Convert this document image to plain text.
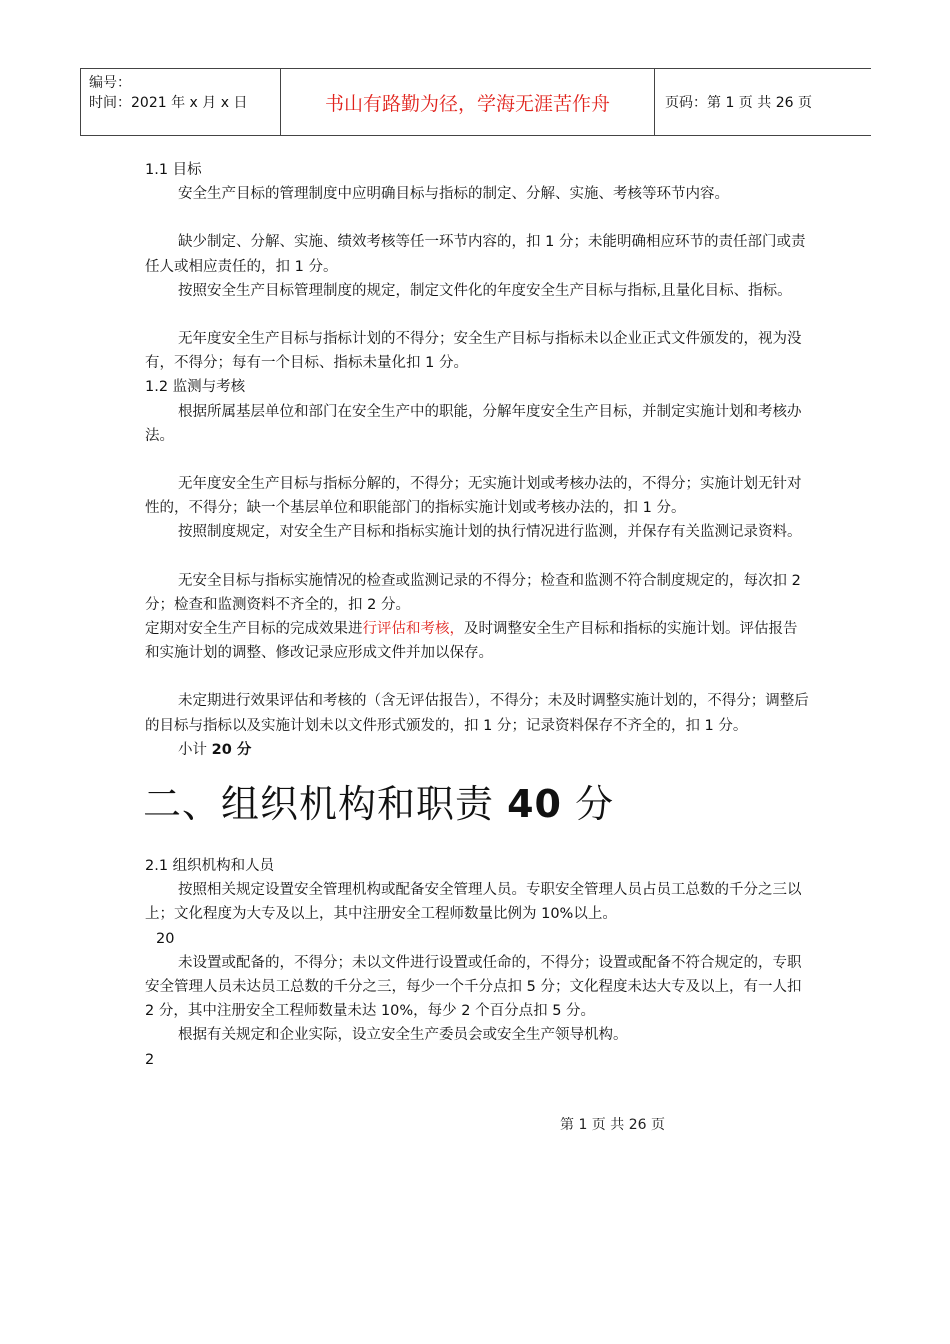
编号：
时间：2021 年 x 月 x 日	书山有路勤为径，学海无涯苦作舟	页码：第 1 页 共 26 页

1.1 目标

安全生产目标的管理制度中应明确目标与指标的制定、分解、实施、考核等环节内容。

缺少制定、分解、实施、绩效考核等任一环节内容的，扣 1 分；未能明确相应环节的责任部门或责任人或相应责任的，扣 1 分。

按照安全生产目标管理制度的规定，制定文件化的年度安全生产目标与指标,且量化目标、指标。

无年度安全生产目标与指标计划的不得分；安全生产目标与指标未以企业正式文件颁发的，视为没有，不得分；每有一个目标、指标未量化扣 1 分。

1.2 监测与考核

根据所属基层单位和部门在安全生产中的职能，分解年度安全生产目标，并制定实施计划和考核办法。

无年度安全生产目标与指标分解的，不得分；无实施计划或考核办法的，不得分；实施计划无针对性的，不得分；缺一个基层单位和职能部门的指标实施计划或考核办法的，扣 1 分。

按照制度规定，对安全生产目标和指标实施计划的执行情况进行监测，并保存有关监测记录资料。

无安全目标与指标实施情况的检查或监测记录的不得分；检查和监测不符合制度规定的，每次扣 2 分；检查和监测资料不齐全的，扣 2 分。

定期对安全生产目标的完成效果进行评估和考核，及时调整安全生产目标和指标的实施计划。评估报告和实施计划的调整、修改记录应形成文件并加以保存。

未定期进行效果评估和考核的（含无评估报告），不得分；未及时调整实施计划的，不得分；调整后的目标与指标以及实施计划未以文件形式颁发的，扣 1 分；记录资料保存不齐全的，扣 1 分。

小计 20 分

二、组织机构和职责 40 分

2.1 组织机构和人员

按照相关规定设置安全管理机构或配备安全管理人员。专职安全管理人员占员工总数的千分之三以上；文化程度为大专及以上，其中注册安全工程师数量比例为 10%以上。

20

未设置或配备的，不得分；未以文件进行设置或任命的，不得分；设置或配备不符合规定的，专职安全管理人员未达员工总数的千分之三，每少一个千分点扣 5 分；文化程度未达大专及以上，有一人扣 2 分，其中注册安全工程师数量未达 10%，每少 2 个百分点扣 5 分。

根据有关规定和企业实际，设立安全生产委员会或安全生产领导机构。

2

第 1 页 共 26 页
